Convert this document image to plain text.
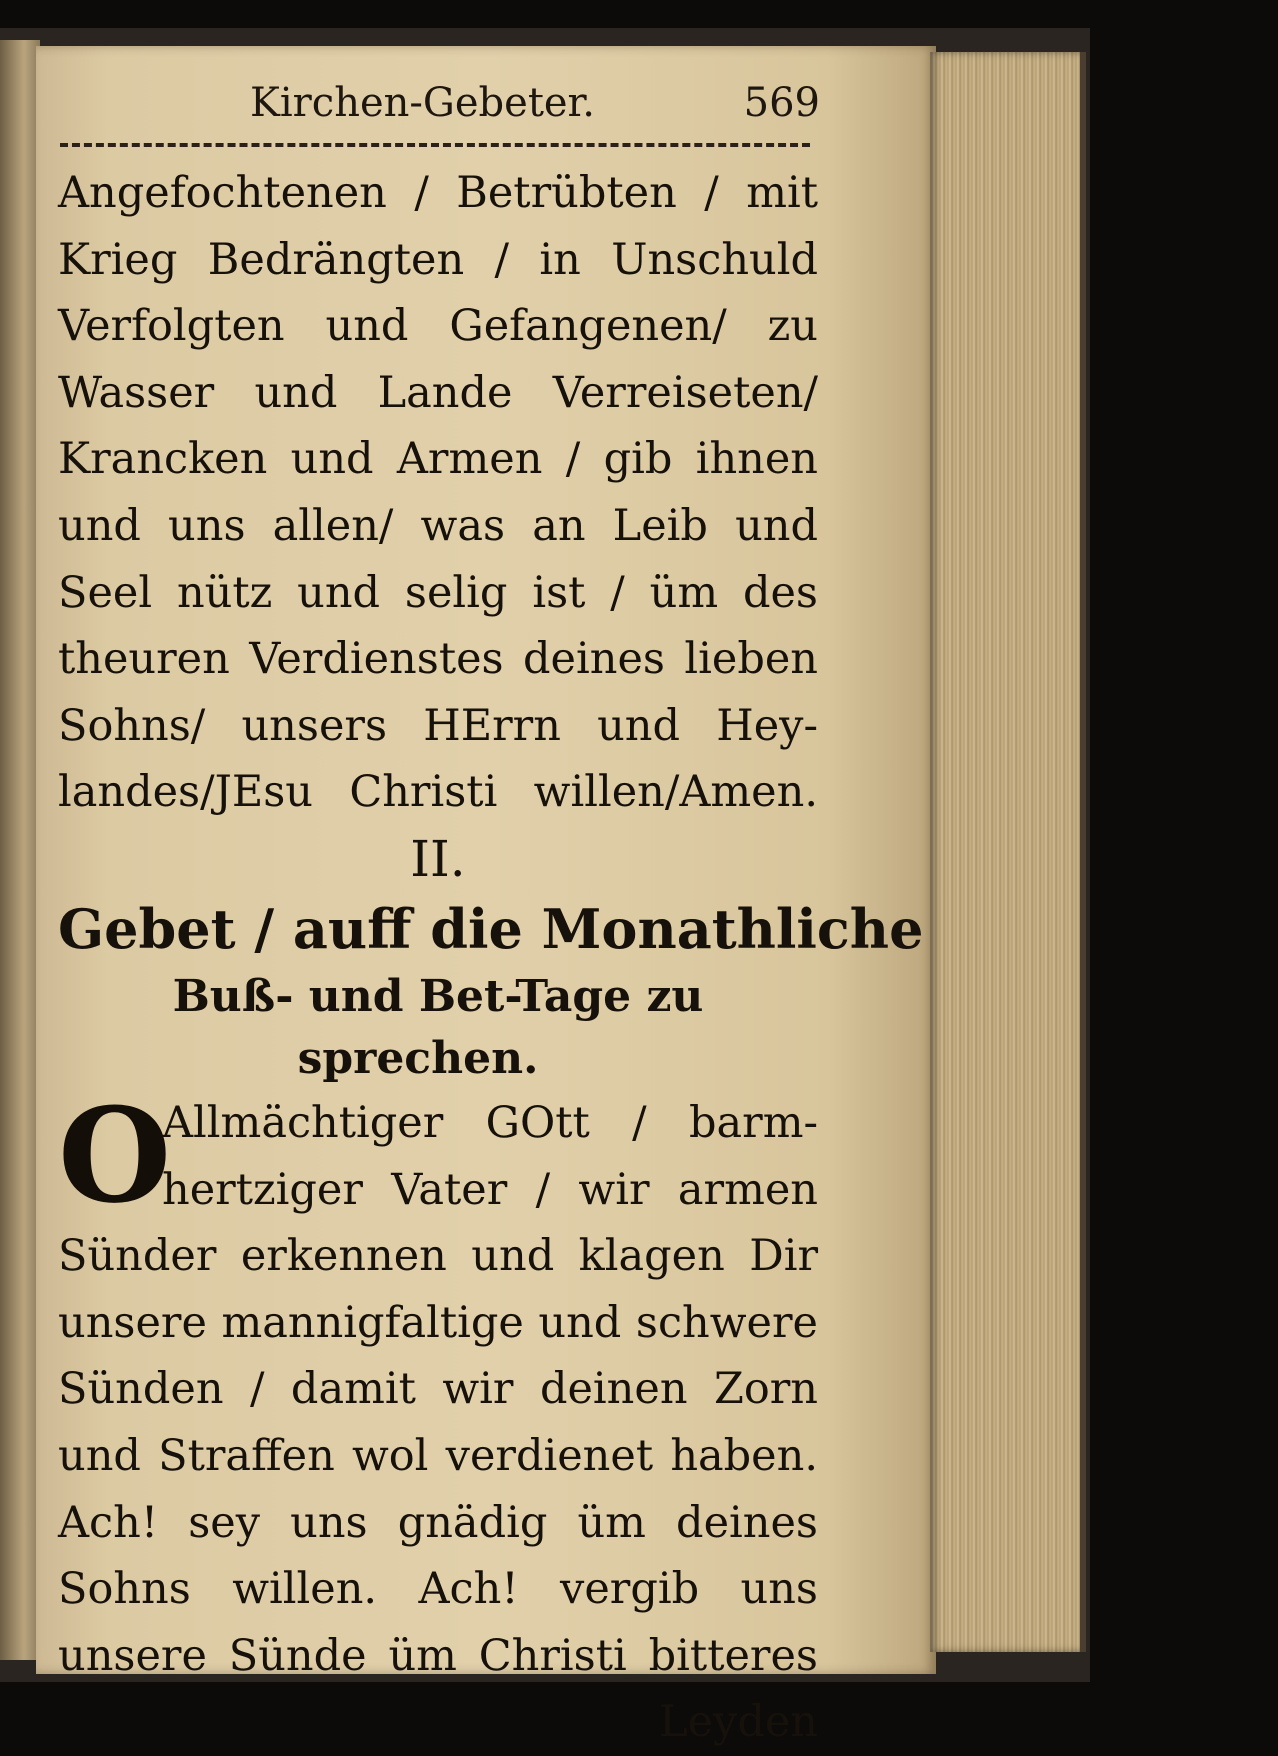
Kirchen-Gebeter.	569
Angefochtenen / Betrübten / mit
Krieg Bedrängten / in Unschuld
Verfolgten und Gefangenen/ zu
Wasser und Lande Verreiseten/
Krancken und Armen / gib ihnen
und uns allen/ was an Leib und
Seel nütz und selig ist / üm des
theuren Verdienstes deines lieben
Sohns/ unsers HErrn und Hey-
landes/JEsu Christi willen/Amen.
II.
Gebet / auff die Monathliche
Buß- und Bet-Tage zu
sprechen.
O
Allmächtiger GOtt / barm-
hertziger Vater / wir armen
Sünder erkennen und klagen Dir
unsere mannigfaltige und schwere
Sünden / damit wir deinen Zorn
und Straffen wol verdienet haben.
Ach! sey uns gnädig üm deines
Sohns willen. Ach! vergib uns
unsere Sünde üm Christi bitteres
Leyden
